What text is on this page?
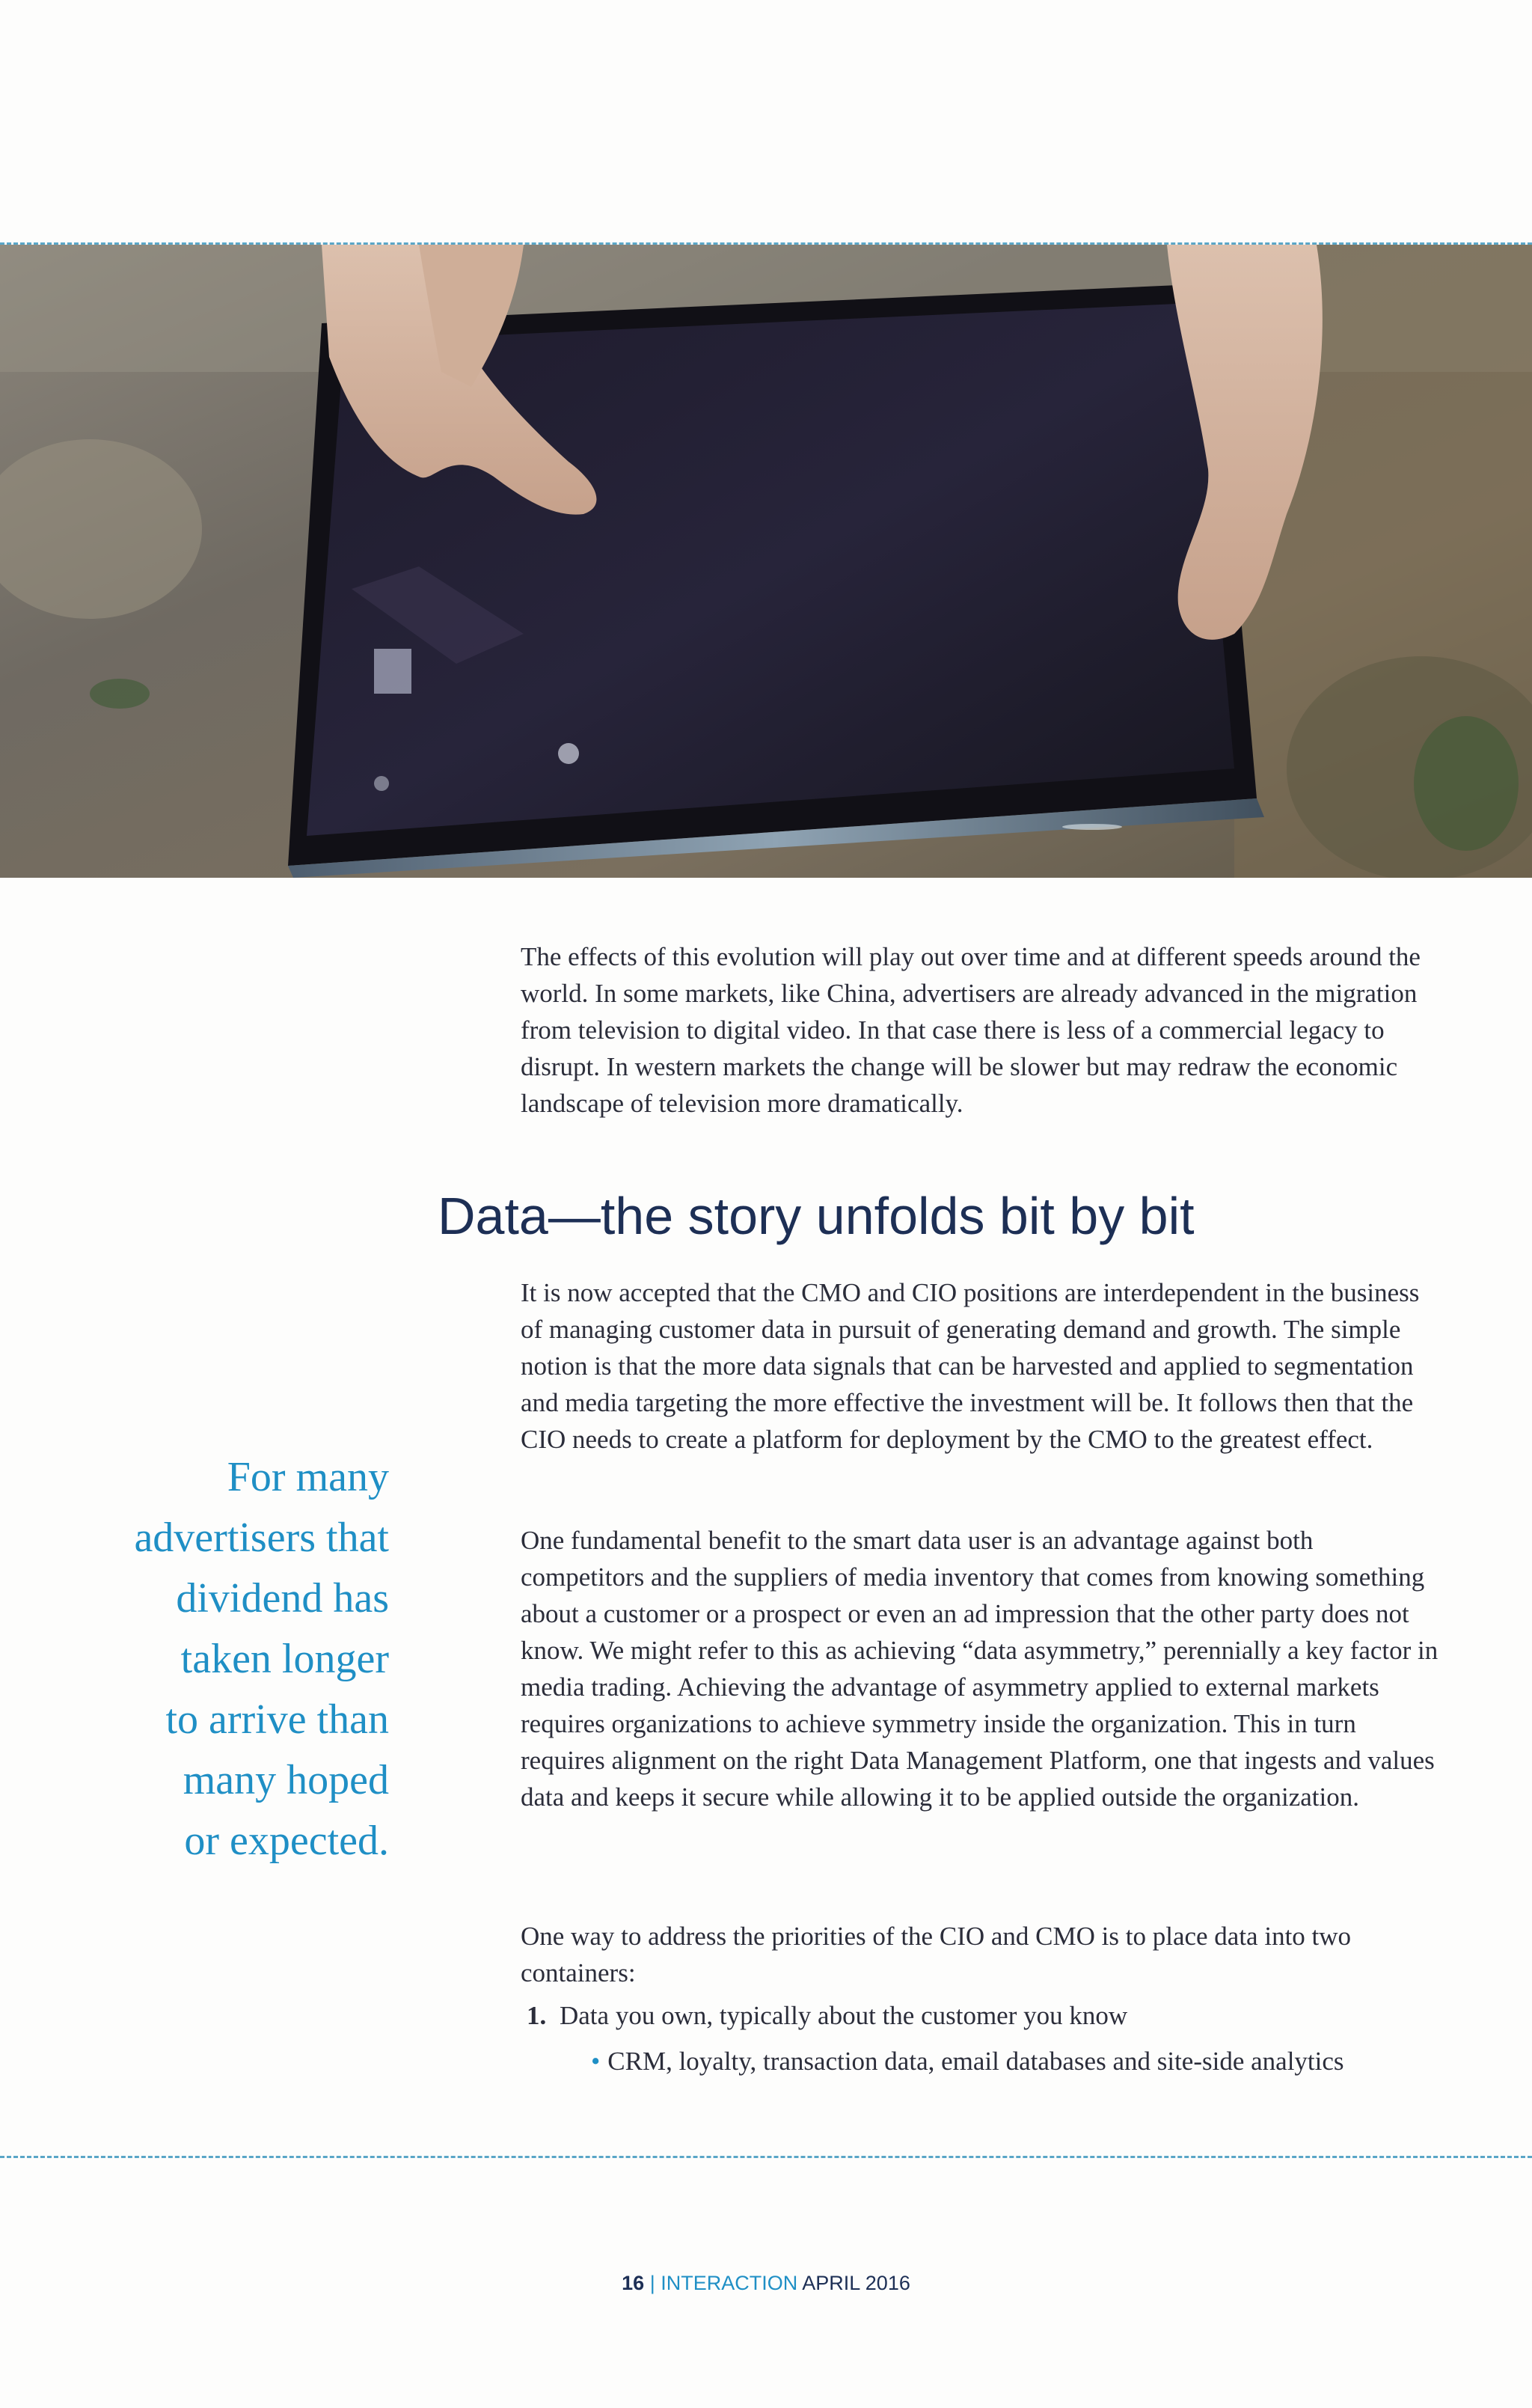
The effects of this evolution will play out over time and at different speeds around the world. In some markets, like China, advertisers are already advanced in the migration from television to digital video. In that case there is less of a commercial legacy to disrupt. In western markets the change will be slower but may redraw the economic landscape of television more dramatically.

Data—the story unfolds bit by bit

It is now accepted that the CMO and CIO positions are interdependent in the business of managing customer data in pursuit of generating demand and growth. The simple notion is that the more data signals that can be harvested and applied to segmentation and media targeting the more effective the investment will be. It follows then that the CIO needs to create a platform for deployment by the CMO to the greatest effect.

One fundamental benefit to the smart data user is an advantage against both competitors and the suppliers of media inventory that comes from knowing something about a customer or a prospect or even an ad impression that the other party does not know. We might refer to this as achieving “data asymmetry,” perennially a key factor in media trading. Achieving the advantage of asymmetry applied to external markets requires organizations to achieve symmetry inside the organization. This in turn requires alignment on the right Data Management Platform, one that ingests and values data and keeps it secure while allowing it to be applied outside the organization.

One way to address the priorities of the CIO and CMO is to place data into two containers:

For many
advertisers that
dividend has
taken longer
to arrive than
many hoped
or expected.
1. Data you own, typically about the customer you know
• CRM, loyalty, transaction data, email databases and site-side analytics
16 | INTERACTION APRIL 2016
